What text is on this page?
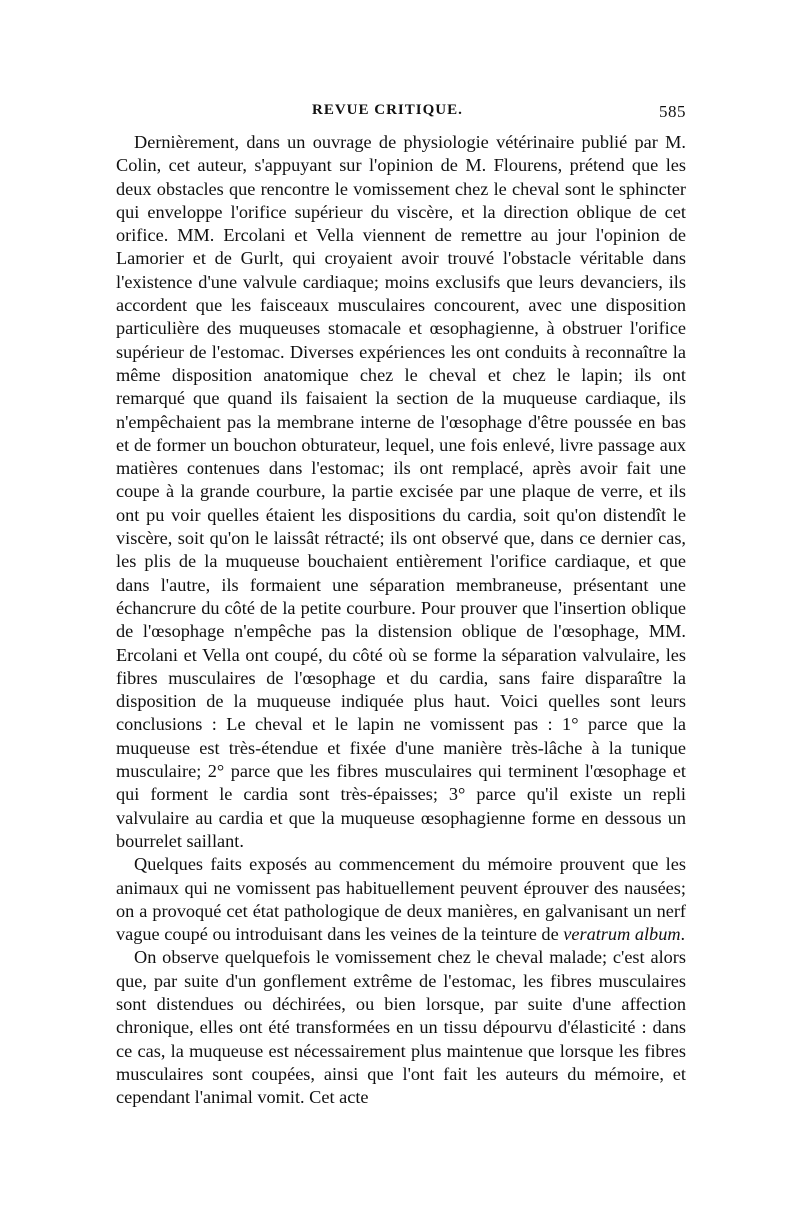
REVUE CRITIQUE.	585

Dernièrement, dans un ouvrage de physiologie vétérinaire publié par M. Colin, cet auteur, s'appuyant sur l'opinion de M. Flourens, prétend que les deux obstacles que rencontre le vomissement chez le cheval sont le sphincter qui enveloppe l'orifice supérieur du viscère, et la direction oblique de cet orifice. MM. Ercolani et Vella viennent de remettre au jour l'opinion de Lamorier et de Gurlt, qui croyaient avoir trouvé l'obstacle véritable dans l'existence d'une valvule cardiaque; moins exclusifs que leurs devanciers, ils accordent que les faisceaux musculaires concourent, avec une disposition particulière des muqueuses stomacale et œsophagienne, à obstruer l'orifice supérieur de l'estomac. Diverses expériences les ont conduits à reconnaître la même disposition anatomique chez le cheval et chez le lapin; ils ont remarqué que quand ils faisaient la section de la muqueuse cardiaque, ils n'empêchaient pas la membrane interne de l'œsophage d'être poussée en bas et de former un bouchon obturateur, lequel, une fois enlevé, livre passage aux matières contenues dans l'estomac; ils ont remplacé, après avoir fait une coupe à la grande courbure, la partie excisée par une plaque de verre, et ils ont pu voir quelles étaient les dispositions du cardia, soit qu'on distendît le viscère, soit qu'on le laissât rétracté; ils ont observé que, dans ce dernier cas, les plis de la muqueuse bouchaient entièrement l'orifice cardiaque, et que dans l'autre, ils formaient une séparation membraneuse, présentant une échancrure du côté de la petite courbure. Pour prouver que l'insertion oblique de l'œsophage n'empêche pas la distension oblique de l'œsophage, MM. Ercolani et Vella ont coupé, du côté où se forme la séparation valvulaire, les fibres musculaires de l'œsophage et du cardia, sans faire disparaître la disposition de la muqueuse indiquée plus haut. Voici quelles sont leurs conclusions : Le cheval et le lapin ne vomissent pas : 1° parce que la muqueuse est très-étendue et fixée d'une manière très-lâche à la tunique musculaire; 2° parce que les fibres musculaires qui terminent l'œsophage et qui forment le cardia sont très-épaisses; 3° parce qu'il existe un repli valvulaire au cardia et que la muqueuse œsophagienne forme en dessous un bourrelet saillant.

Quelques faits exposés au commencement du mémoire prouvent que les animaux qui ne vomissent pas habituellement peuvent éprouver des nausées; on a provoqué cet état pathologique de deux manières, en galvanisant un nerf vague coupé ou introduisant dans les veines de la teinture de veratrum album.

On observe quelquefois le vomissement chez le cheval malade; c'est alors que, par suite d'un gonflement extrême de l'estomac, les fibres musculaires sont distendues ou déchirées, ou bien lorsque, par suite d'une affection chronique, elles ont été transformées en un tissu dépourvu d'élasticité : dans ce cas, la muqueuse est nécessairement plus maintenue que lorsque les fibres musculaires sont coupées, ainsi que l'ont fait les auteurs du mémoire, et cependant l'animal vomit. Cet acte
